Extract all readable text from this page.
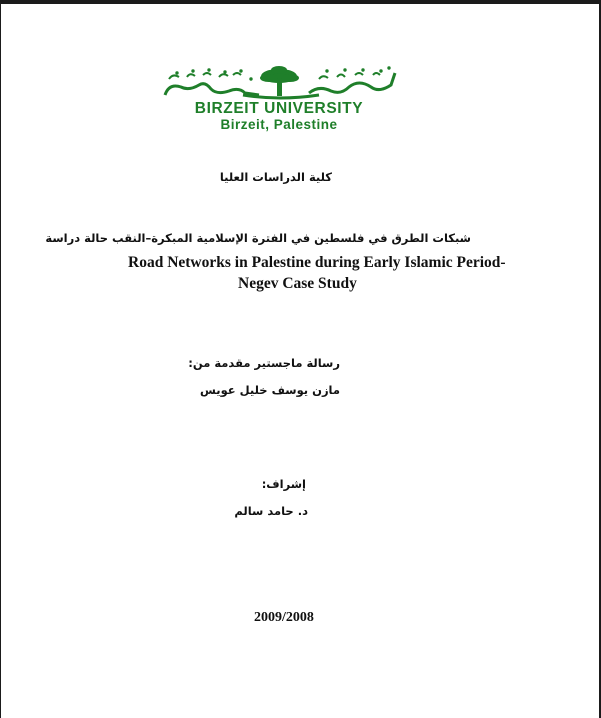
BIRZEIT UNIVERSITY
Birzeit, Palestine
كلية الدراسات العليا
شبكات الطرق في فلسطين في الفترة الإسلامية المبكرة–النقب حالة دراسة
Road Networks in Palestine during Early Islamic Period-
Negev Case Study
رسالة ماجستير مقدمة من:
مازن يوسف خليل عويس
إشراف:
د. حامد سالم
2009/2008
